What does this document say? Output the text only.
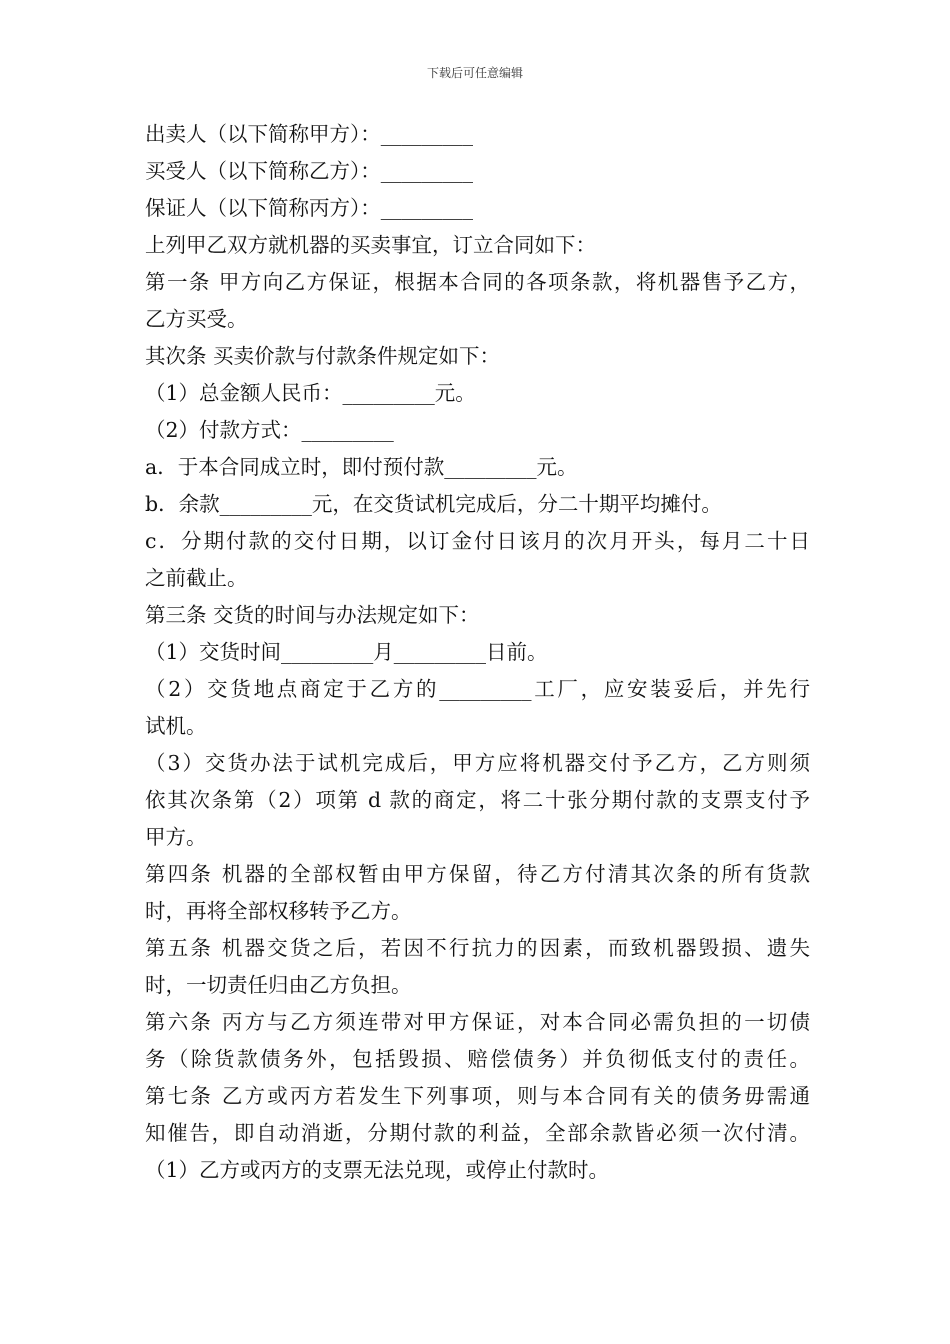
下载后可任意编辑
出卖人（以下简称甲方）：_________
买受人（以下简称乙方）：_________
保证人（以下简称丙方）：_________
上列甲乙双方就机器的买卖事宜，订立合同如下：
第一条 甲方向乙方保证，根据本合同的各项条款，将机器售予乙方，
乙方买受。
其次条 买卖价款与付款条件规定如下：
（1）总金额人民币：_________元。
（2）付款方式：_________
a．于本合同成立时，即付预付款_________元。
b．余款_________元，在交货试机完成后，分二十期平均摊付。
c．分期付款的交付日期，以订金付日该月的次月开头，每月二十日
之前截止。
第三条 交货的时间与办法规定如下：
（1）交货时间_________月_________日前。
（2）交货地点商定于乙方的_________工厂，应安装妥后，并先行
试机。
（3）交货办法于试机完成后，甲方应将机器交付予乙方，乙方则须
依其次条第（2）项第 d 款的商定，将二十张分期付款的支票支付予
甲方。
第四条 机器的全部权暂由甲方保留，待乙方付清其次条的所有货款
时，再将全部权移转予乙方。
第五条 机器交货之后，若因不行抗力的因素，而致机器毁损、遗失
时，一切责任归由乙方负担。
第六条 丙方与乙方须连带对甲方保证，对本合同必需负担的一切债
务（除货款债务外，包括毁损、赔偿债务）并负彻低支付的责任。
第七条 乙方或丙方若发生下列事项，则与本合同有关的债务毋需通
知催告，即自动消逝，分期付款的利益，全部余款皆必须一次付清。
（1）乙方或丙方的支票无法兑现，或停止付款时。
